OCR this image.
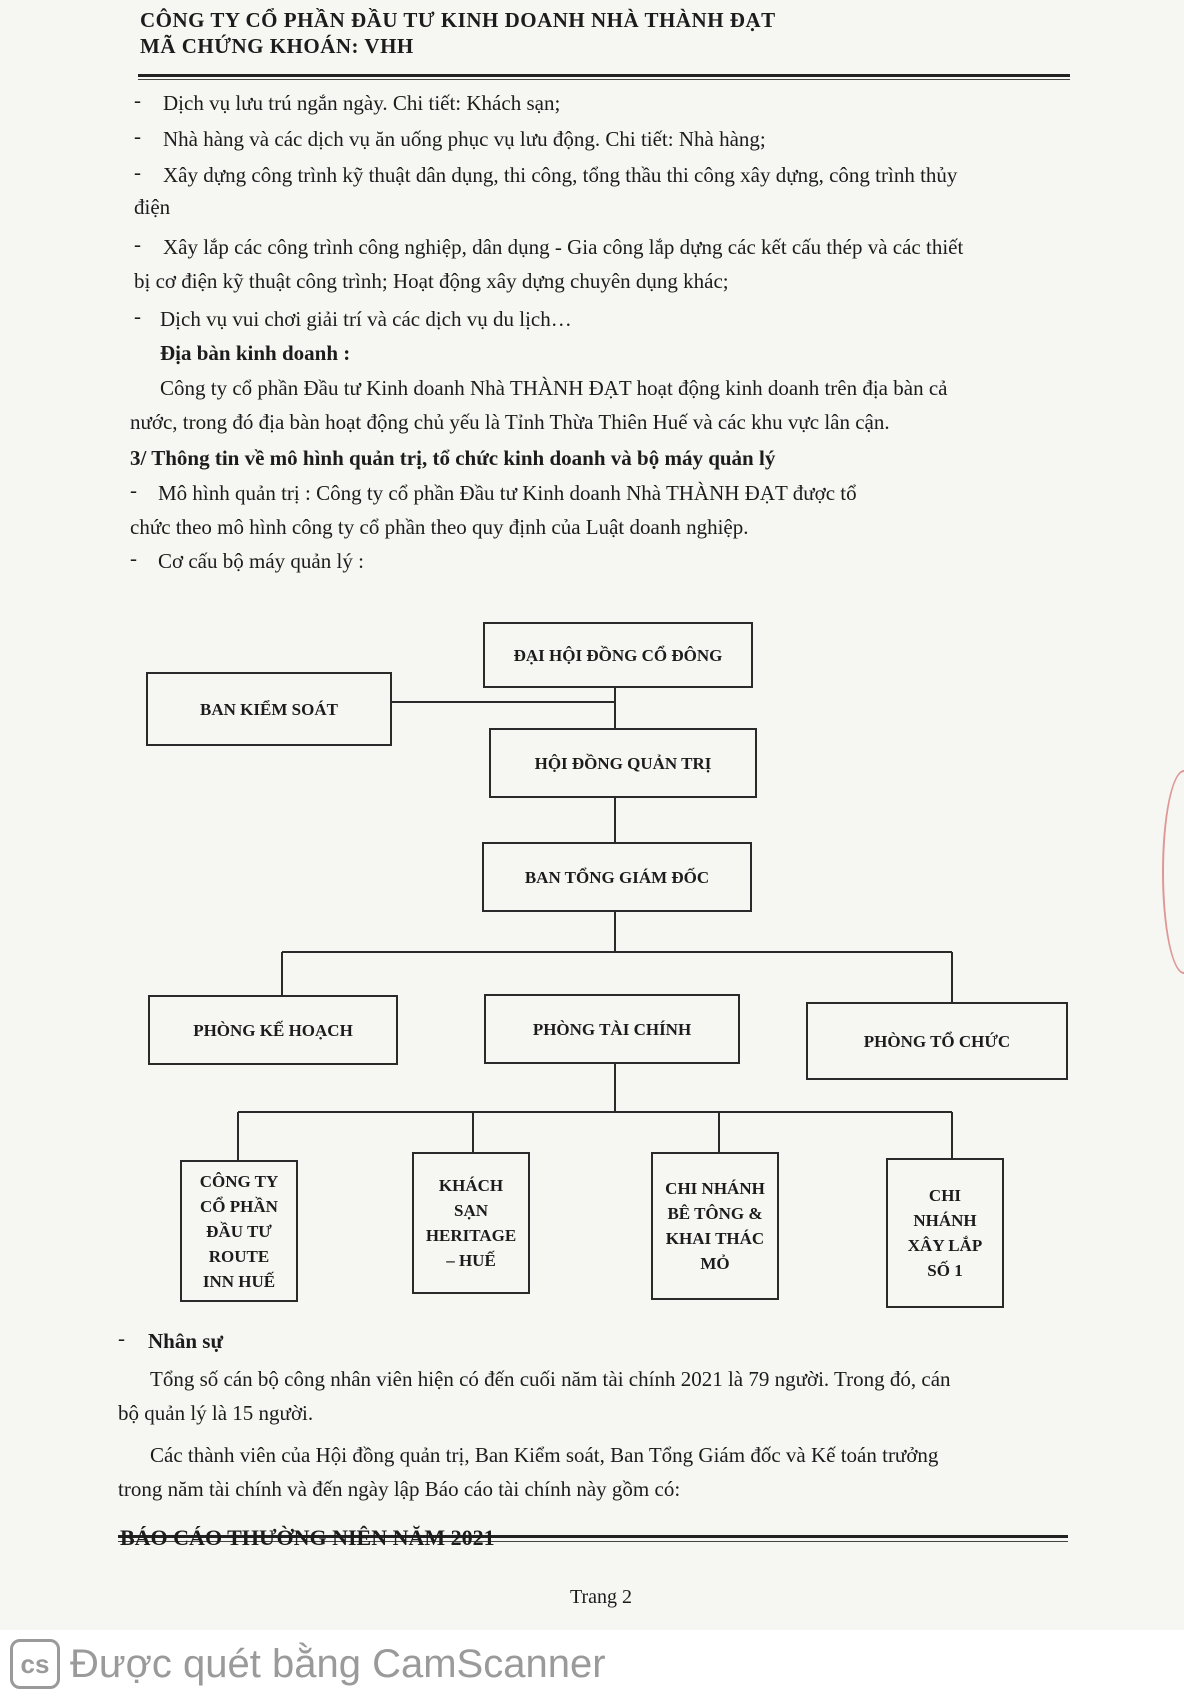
CÔNG TY CỔ PHẦN ĐẦU TƯ KINH DOANH NHÀ THÀNH ĐẠT
MÃ CHỨNG KHOÁN: VHH
- Dịch vụ lưu trú ngắn ngày. Chi tiết: Khách sạn;
- Nhà hàng và các dịch vụ ăn uống phục vụ lưu động. Chi tiết: Nhà hàng;
- Xây dựng công trình kỹ thuật dân dụng, thi công, tổng thầu thi công xây dựng, công trình thủy
điện
- Xây lắp các công trình công nghiệp, dân dụng - Gia công lắp dựng các kết cấu thép và các thiết
bị cơ điện kỹ thuật công trình; Hoạt động xây dựng chuyên dụng khác;
- Dịch vụ vui chơi giải trí và các dịch vụ du lịch…
Địa bàn kinh doanh :
Công ty cổ phần Đầu tư Kinh doanh Nhà THÀNH ĐẠT hoạt động kinh doanh trên địa bàn cả
nước, trong đó địa bàn hoạt động chủ yếu là Tỉnh Thừa Thiên Huế và các khu vực lân cận.
3/ Thông tin về mô hình quản trị, tổ chức kinh doanh và bộ máy quản lý
- Mô hình quản trị : Công ty cổ phần Đầu tư Kinh doanh Nhà THÀNH ĐẠT được tổ
chức theo mô hình công ty cổ phần theo quy định của Luật doanh nghiệp.
- Cơ cấu bộ máy quản lý :
ĐẠI HỘI ĐỒNG CỔ ĐÔNG
BAN KIỂM SOÁT
HỘI ĐỒNG QUẢN TRỊ
BAN TỔNG GIÁM ĐỐC
PHÒNG KẾ HOẠCH	PHÒNG TÀI CHÍNH
PHÒNG TỔ CHỨC
CÔNG TY
CỔ PHẦN
ĐẦU TƯ
ROUTE
INN HUẾ
KHÁCH
SẠN
HERITAGE
– HUẾ
CHI NHÁNH
BÊ TÔNG &
KHAI THÁC
MỎ
CHI
NHÁNH
XÂY LẮP
SỐ 1
- Nhân sự
Tổng số cán bộ công nhân viên hiện có đến cuối năm tài chính 2021 là 79 người. Trong đó, cán
bộ quản lý là 15 người.
Các thành viên của Hội đồng quản trị, Ban Kiểm soát, Ban Tổng Giám đốc và Kế toán trưởng
trong năm tài chính và đến ngày lập Báo cáo tài chính này gồm có:
BÁO CÁO THƯỜNG NIÊN NĂM 2021
Trang 2
cs Được quét bằng CamScanner
